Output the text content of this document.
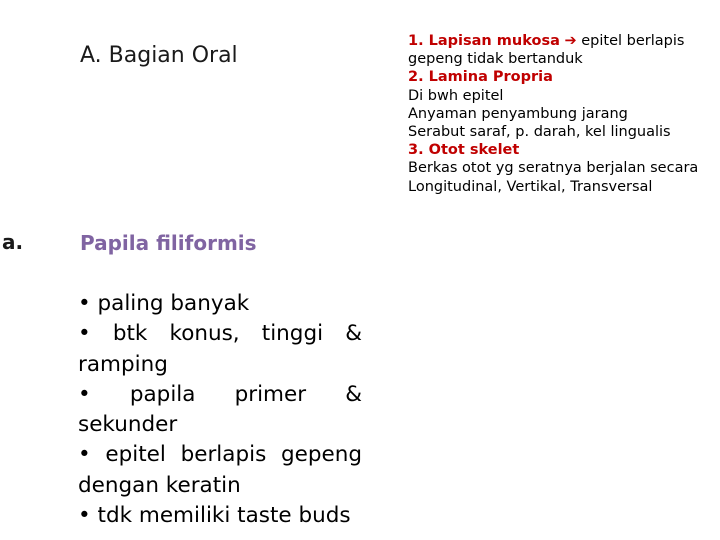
A. Bagian Oral
a.	Papila filiformis
• paling banyak
• btk konus, tinggi & ramping
• papila primer & sekunder
• epitel berlapis gepeng dengan keratin
• tdk memiliki taste buds
1. Lapisan mukosa ➔ epitel berlapis gepeng tidak bertanduk
2. Lamina Propria
Di bwh epitel
Anyaman penyambung jarang
Serabut saraf, p. darah, kel lingualis
3. Otot skelet
Berkas otot yg seratnya berjalan secara
Longitudinal, Vertikal, Transversal
